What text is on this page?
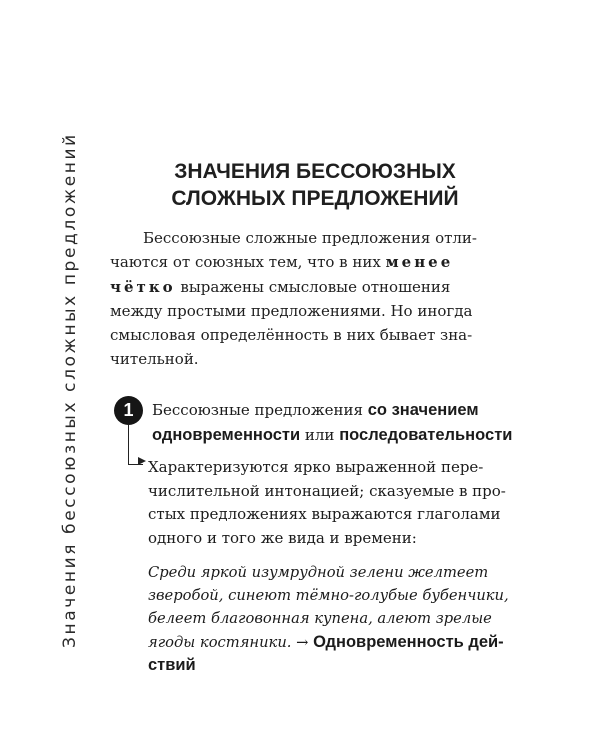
Значения бессоюзных сложных предложений	ЗНАЧЕНИЯ БЕССОЮЗНЫХ
СЛОЖНЫХ ПРЕДЛОЖЕНИЙ
Бессоюзные сложные предложения отли-
чаются от союзных тем, что в них менее
чётко выражены смысловые отношения
между простыми предложениями. Но иногда
смысловая определённость в них бывает зна-
чительной.
1	Бессоюзные предложения со значением
одновременности или последовательности
Характеризуются ярко выраженной пере-
числительной интонацией; сказуемые в про-
стых предложениях выражаются глаголами
одного и того же вида и времени:
Среди яркой изумрудной зелени желтеет
зверобой, синеют тёмно-голубые бубенчики,
белеет благовонная купена, алеют зрелые
ягоды костяники. → Одновременность дей-
ствий
